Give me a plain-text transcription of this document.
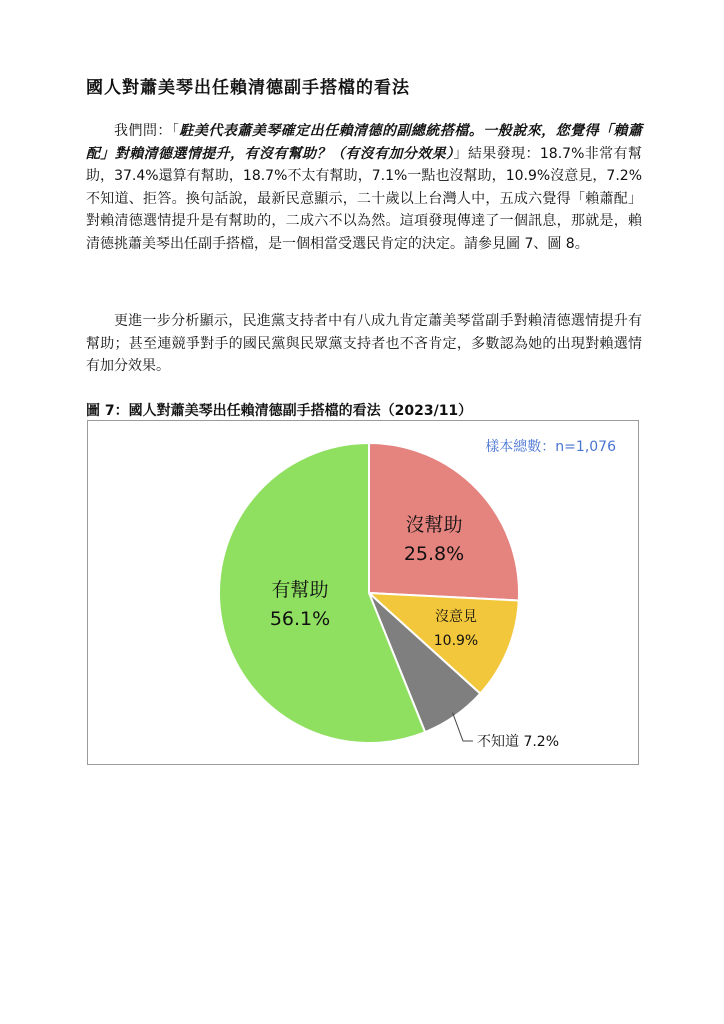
國人對蕭美琴出任賴清德副手搭檔的看法
我們問：「駐美代表蕭美琴確定出任賴清德的副總統搭檔。一般說來，您覺得「賴蕭配」對賴清德選情提升，有沒有幫助？（有沒有加分效果）」結果發現：18.7%非常有幫助，37.4%還算有幫助，18.7%不太有幫助，7.1%一點也沒幫助，10.9%沒意見，7.2%不知道、拒答。換句話說，最新民意顯示，二十歲以上台灣人中，五成六覺得「賴蕭配」對賴清德選情提升是有幫助的，二成六不以為然。這項發現傳達了一個訊息，那就是，賴清德挑蕭美琴出任副手搭檔，是一個相當受選民肯定的決定。請參見圖 7、圖 8。
更進一步分析顯示，民進黨支持者中有八成九肯定蕭美琴當副手對賴清德選情提升有幫助；甚至連競爭對手的國民黨與民眾黨支持者也不吝肯定，多數認為她的出現對賴選情有加分效果。
圖 7：國人對蕭美琴出任賴清德副手搭檔的看法（2023/11）
樣本總數：n=1,076
沒幫助
25.8%
沒意見
10.9%
不知道 7.2%
有幫助
56.1%
